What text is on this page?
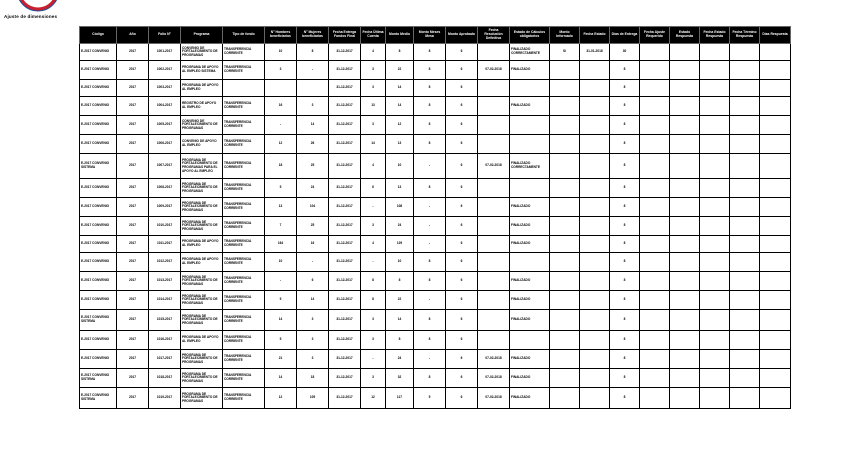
Ajuste de dimensiones
Código	Año	Folio N°	Programa	Tipo de fondo	N° Hombres beneficiarios	N° Mujeres beneficiarias	Fecha Entrega Fondos Final	Fecha Última Cuenta	Monto Medio	Monto Meses Mesa	Monto Aprobado	Fecha Resolución Definitiva	Estado de Cálculos obligatorios	Monto Informado	Fecha Estado	Días de Entrega	Fecha Ajuste Requerido	Estado Respuesta	Fecha Estado Respuesta	Fecha Término Respuesta	Días Respuesta
E-2017 CONVENIO	2017	1001-2017	CONVENIO DE FORTALECIMIENTO DE PROGRAMAS	TRANSFERENCIA CORRIENTE	10	8	31-12-2017	4	8	8	6		FINALIZADO CORRECTAMENTE	Sí	31-01-2018	30					
E-2017 CONVENIO	2017	1002-2017	PROGRAMA DE APOYO AL EMPLEO SISTEMA	TRANSFERENCIA CORRIENTE	3	-	31-12-2017	3	22	8	6	07-02-2018	FINALIZADO			8					
E-2017 CONVENIO	2017	1003-2017	PROGRAMA DE APOYO AL EMPLEO				31-12-2017	3	14	8	6					8					
E-2017 CONVENIO	2017	1004-2017	REGISTRO DE APOYO AL EMPLEO	TRANSFERENCIA CORRIENTE	16	3	31-12-2017	13	14	8	6		FINALIZADO			8					
E-2017 CONVENIO	2017	1005-2017	CONVENIO DE FORTALECIMIENTO DE PROGRAMAS	TRANSFERENCIA CORRIENTE	-	14	31-12-2017	3	12	8	6					8					
E-2017 CONVENIO	2017	1006-2017	CONVENIO DE APOYO AL EMPLEO	TRANSFERENCIA CORRIENTE	12	26	31-12-2017	14	13	8	6					8					
E-2017 CONVENIO SISTEMA	2017	1007-2017	PROGRAMA DE FORTALECIMIENTO DE PROGRAMAS PARA EL APOYO AL EMPLEO	TRANSFERENCIA CORRIENTE	18	25	31-12-2017	4	10	-	6	07-02-2018	FINALIZADO CORRECTAMENTE			8					
E-2017 CONVENIO	2017	1008-2017	PROGRAMA DE FORTALECIMIENTO DE PROGRAMAS	TRANSFERENCIA CORRIENTE	5	24	31-12-2017	6	13	8	6					8					
E-2017 CONVENIO	2017	1009-2017	PROGRAMA DE FORTALECIMIENTO DE PROGRAMAS	TRANSFERENCIA CORRIENTE	13	104	31-12-2017	-	108	-	6		FINALIZADO			8					
E-2017 CONVENIO	2017	1010-2017	PROGRAMA DE FORTALECIMIENTO DE PROGRAMAS	TRANSFERENCIA CORRIENTE	7	25	31-12-2017	3	24	-	6		FINALIZADO			8					
E-2017 CONVENIO	2017	1011-2017	PROGRAMA DE APOYO AL EMPLEO	TRANSFERENCIA CORRIENTE	164	16	31-12-2017	4	129	-	6		FINALIZADO			8					
E-2017 CONVENIO	2017	1012-2017	PROGRAMA DE APOYO AL EMPLEO	TRANSFERENCIA CORRIENTE	10	-	31-12-2017	-	10	8	6					8					
E-2017 CONVENIO	2017	1013-2017	PROGRAMA DE FORTALECIMIENTO DE PROGRAMAS	TRANSFERENCIA CORRIENTE	-	6	31-12-2017	8	8	8	6		FINALIZADO			8					
E-2017 CONVENIO	2017	1014-2017	PROGRAMA DE FORTALECIMIENTO DE PROGRAMAS	TRANSFERENCIA CORRIENTE	9	14	31-12-2017	8	22	-	6		FINALIZADO			8					
E-2017 CONVENIO SISTEMA	2017	1015-2017	PROGRAMA DE FORTALECIMIENTO DE PROGRAMAS	TRANSFERENCIA CORRIENTE	14	3	31-12-2017	3	14	8	6		FINALIZADO			8					
E-2017 CONVENIO	2017	1016-2017	PROGRAMA DE APOYO AL EMPLEO	TRANSFERENCIA CORRIENTE	5	3	31-12-2017	3	8	8	6					8					
E-2017 CONVENIO	2017	1017-2017	PROGRAMA DE FORTALECIMIENTO DE PROGRAMAS	TRANSFERENCIA CORRIENTE	21	3	31-12-2017	-	24	-	6	07-02-2018	FINALIZADO			8					
E-2017 CONVENIO SISTEMA	2017	1018-2017	PROGRAMA DE FORTALECIMIENTO DE PROGRAMAS	TRANSFERENCIA CORRIENTE	14	18	31-12-2017	3	32	8	6	07-02-2018	FINALIZADO			8					
E-2017 CONVENIO SISTEMA	2017	1019-2017	PROGRAMA DE FORTALECIMIENTO DE PROGRAMAS	TRANSFERENCIA CORRIENTE	12	105	31-12-2017	12	117	5	6	07-02-2018	FINALIZADO			8					
